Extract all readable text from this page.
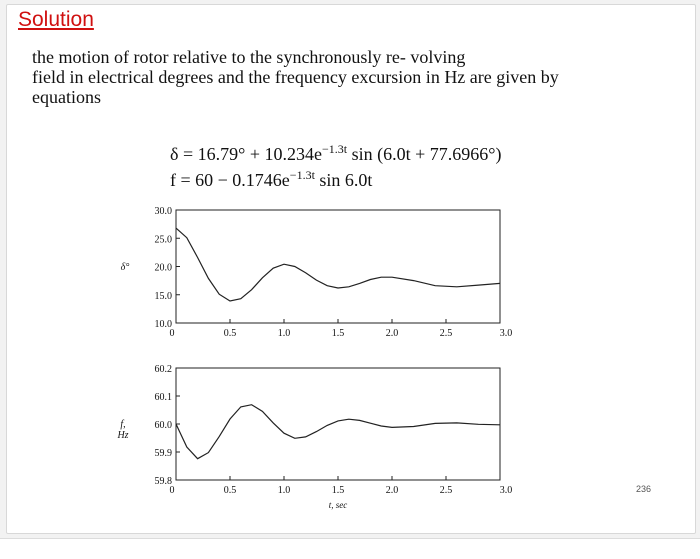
Solution
the motion of rotor relative to the synchronously re- volving
field in electrical degrees and the frequency excursion in Hz are given by
equations
$\delta = 16.79^\circ + 10.234e^{-1.3t}$ sin (6.0t + 77.6966°)
$f = 60 - 0.1746e^{-1.3t}$ sin 6.0t
30.0
25.0
20.0
15.0
10.0
0	0.5	1.0	1.5	2.0	2.5	3.0
δ°
60.2
60.1
60.0
59.9
59.8
0	0.5	1.0	1.5	2.0	2.5	3.0
f,
Hz
t, sec
236
